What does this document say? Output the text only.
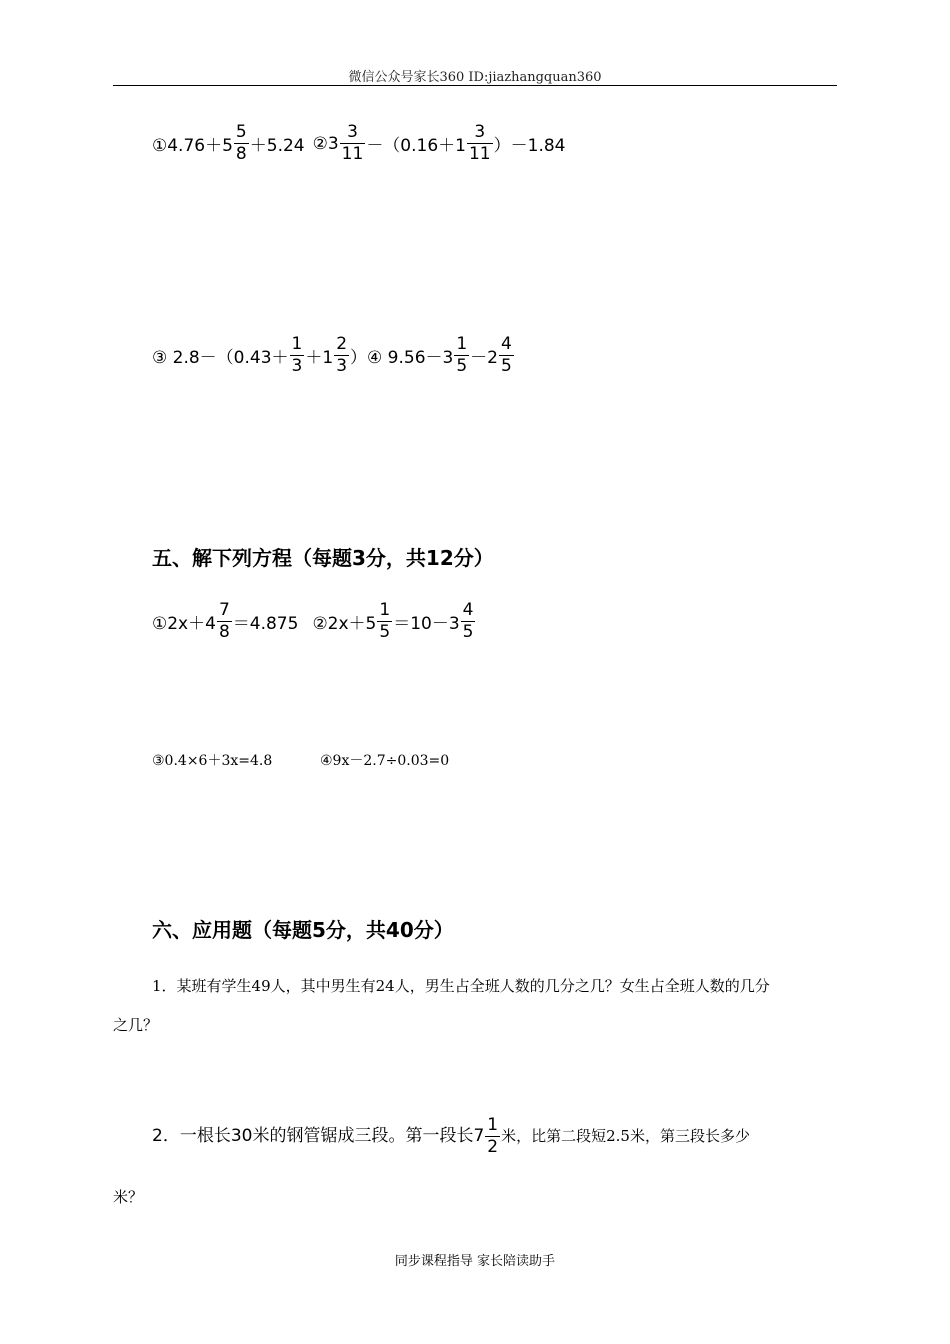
微信公众号家长360 ID:jiazhangquan360
①4.76＋5 $\frac{5}{8} +5.24$ ②3 $\frac{3}{11} -(0.16+1 \frac{3}{11} )-1.84$
③ $2.8-(0.43+ \frac{1}{3} +1 \frac{2}{3}$ ） ④ $9.56-3 \frac{1}{5} -2 \frac{4}{5}$
五、解下列方程（每题3分，共12分）
①2x＋4 $\frac{7}{8} =4.875$ ②2x＋5 $\frac{1}{5} =10-3 \frac{4}{5}$
③0.4×6＋3x=4.8	④9x－2.7÷0.03=0
六、应用题（每题5分，共40分）
1．某班有学生49人，其中男生有24人，男生占全班人数的几分之几？女生占全班人数的几分
之几？
2．一根长30米的钢管锯成三段。第一段长$7 \frac{1}{2}$ 米，比第二段短2.5米，第三段长多少
米？
同步课程指导 家长陪读助手
